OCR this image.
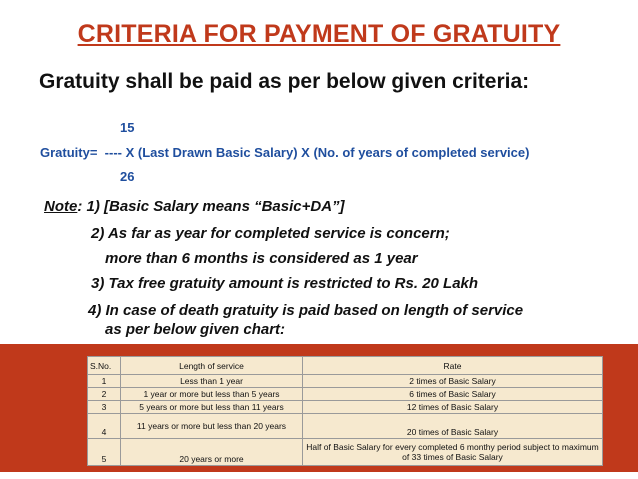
CRITERIA FOR PAYMENT OF GRATUITY
Gratuity shall be paid as per below given criteria:
15
Gratuity=  ---- X (Last Drawn Basic Salary) X (No. of years of completed service)
26
Note: 1) [Basic Salary means “Basic+DA”]
2) As far as year for completed service is concern;
more than 6 months is considered as 1 year
3) Tax free gratuity amount is restricted to Rs. 20 Lakh
4) In case of death gratuity is paid based on length of service
as per below given chart:
S.No.	Length of service	Rate
1	Less than 1 year	2 times of Basic Salary
2	1 year or more but less than 5 years	6 times of Basic Salary
3	5 years or more but less than 11 years	12 times of Basic Salary
4	11 years or more but less than 20 years	20 times of Basic Salary
5	20 years or more	Half of Basic Salary for every completed 6 monthy period subject to maximum of 33 times of Basic Salary
